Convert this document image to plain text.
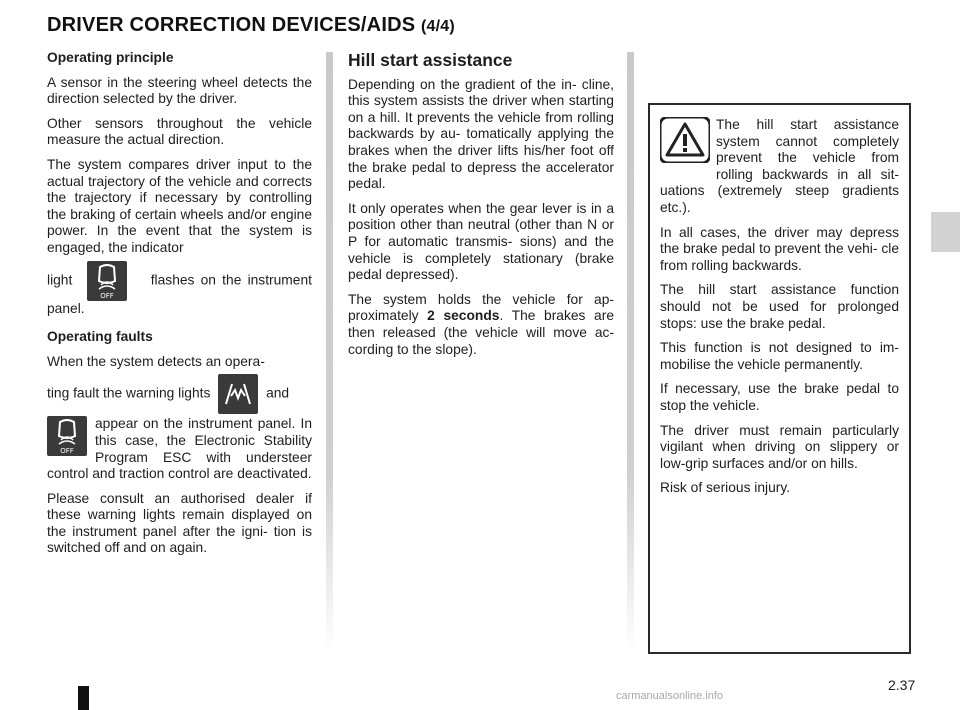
DRIVER CORRECTION DEVICES/AIDS (4/4)
Operating principle

A sensor in the steering wheel detects the direction selected by the driver.

Other sensors throughout the vehicle measure the actual direction.

The system compares driver input to the actual trajectory of the vehicle and corrects the trajectory if necessary by controlling the braking of certain wheels and/or engine power. In the event that the system is engaged, the indicator

light
OFF
flashes on the instrument panel.

Operating faults

When the system detects an opera-

ting fault the warning lights	and

OFF
appear on the instrument panel. In this case, the Electronic Stability Program ESC with understeer control and traction control are deactivated.

Please consult an authorised dealer if these warning lights remain displayed on the instrument panel after the igni- tion is switched off and on again.

Hill start assistance

Depending on the gradient of the in- cline, this system assists the driver when starting on a hill. It prevents the vehicle from rolling backwards by au- tomatically applying the brakes when the driver lifts his/her foot off the brake pedal to depress the accelerator pedal.

It only operates when the gear lever is in a position other than neutral (other than N or P for automatic transmis- sions) and the vehicle is completely stationary (brake pedal depressed).

The system holds the vehicle for ap- proximately 2 seconds. The brakes are then released (the vehicle will move ac- cording to the slope).

The hill start assistance system cannot completely prevent the vehicle from rolling backwards in all sit- uations (extremely steep gradients etc.).

In all cases, the driver may depress the brake pedal to prevent the vehi- cle from rolling backwards.

The hill start assistance function should not be used for prolonged stops: use the brake pedal.

This function is not designed to im- mobilise the vehicle permanently.

If necessary, use the brake pedal to stop the vehicle.

The driver must remain particularly vigilant when driving on slippery or low-grip surfaces and/or on hills.

Risk of serious injury.

2.37
carmanualsonline.info
